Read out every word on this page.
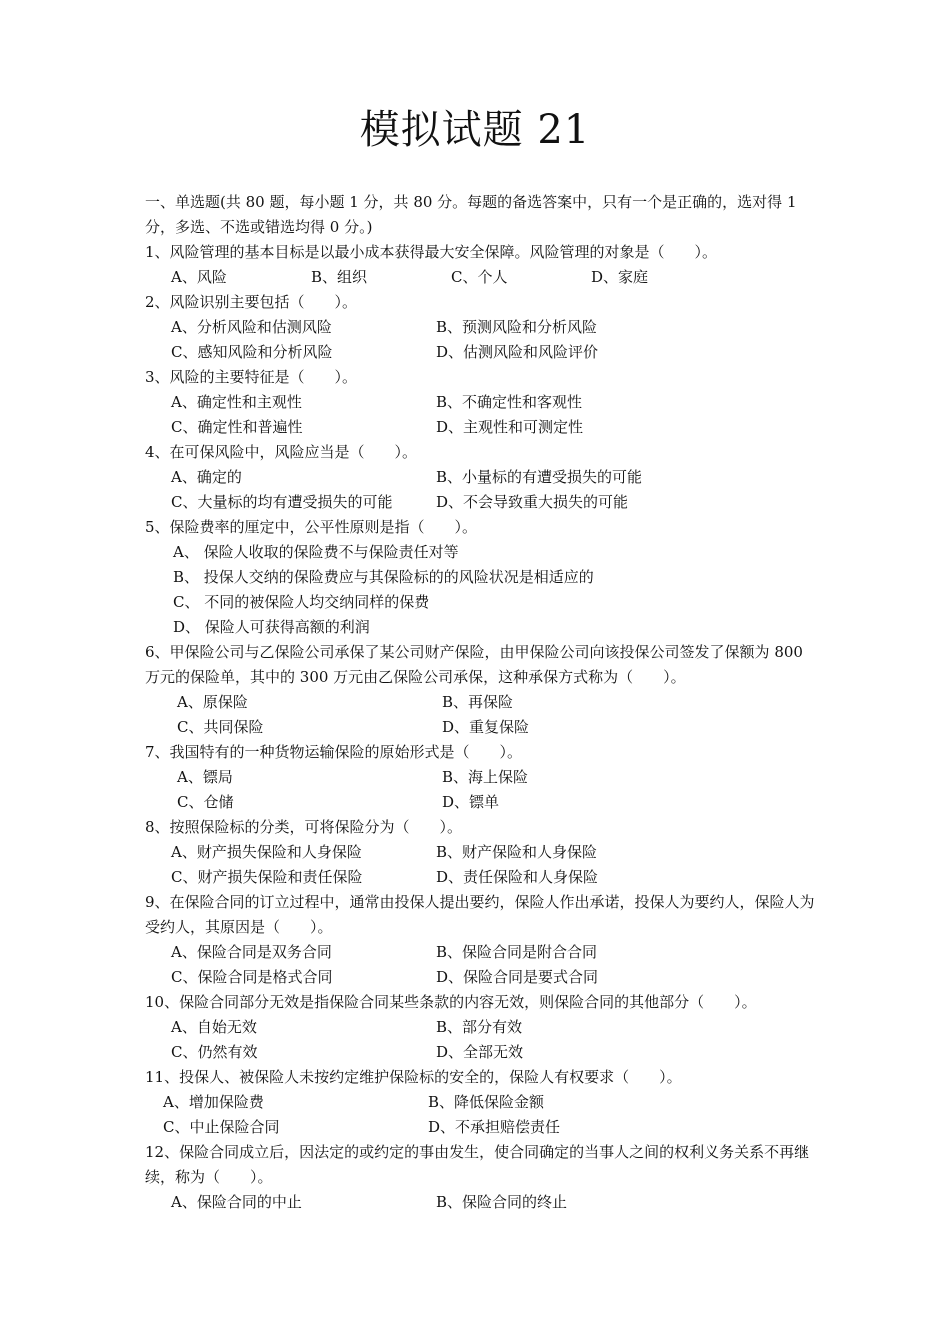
模拟试题 21

一、单选题(共 80 题，每小题 1 分，共 80 分。每题的备选答案中，只有一个是正确的，选对得 1 分，多选、不选或错选均得 0 分。)

1、风险管理的基本目标是以最小成本获得最大安全保障。风险管理的对象是（　　）。

A、风险	B、组织	C、个人	D、家庭

2、风险识别主要包括（　　）。

A、分析风险和估测风险	B、预测风险和分析风险
C、感知风险和分析风险	D、估测风险和风险评价

3、风险的主要特征是（　　）。

A、确定性和主观性	B、不确定性和客观性
C、确定性和普遍性	D、主观性和可测定性

4、在可保风险中，风险应当是（　　）。

A、确定的	B、小量标的有遭受损失的可能
C、大量标的均有遭受损失的可能	D、不会导致重大损失的可能

5、保险费率的厘定中，公平性原则是指（　　）。

A、 保险人收取的保险费不与保险责任对等
B、 投保人交纳的保险费应与其保险标的的风险状况是相适应的
C、 不同的被保险人均交纳同样的保费
D、 保险人可获得高额的利润

6、甲保险公司与乙保险公司承保了某公司财产保险，由甲保险公司向该投保公司签发了保额为 800 万元的保险单，其中的 300 万元由乙保险公司承保，这种承保方式称为（　　）。

A、原保险	B、再保险
C、共同保险	D、重复保险

7、我国特有的一种货物运输保险的原始形式是（　　）。

A、镖局	B、海上保险
C、仓储	D、镖单

8、按照保险标的分类，可将保险分为（　　）。

A、财产损失保险和人身保险	B、财产保险和人身保险
C、财产损失保险和责任保险	D、责任保险和人身保险

9、在保险合同的订立过程中，通常由投保人提出要约，保险人作出承诺，投保人为要约人，保险人为受约人，其原因是（　　）。

A、保险合同是双务合同	B、保险合同是附合合同
C、保险合同是格式合同	D、保险合同是要式合同

10、保险合同部分无效是指保险合同某些条款的内容无效，则保险合同的其他部分（　　）。

A、自始无效	B、部分有效
C、仍然有效	D、全部无效

11、投保人、被保险人未按约定维护保险标的安全的，保险人有权要求（　　）。

A、增加保险费	B、降低保险金额
C、中止保险合同	D、不承担赔偿责任

12、保险合同成立后，因法定的或约定的事由发生，使合同确定的当事人之间的权利义务关系不再继续，称为（　　）。

A、保险合同的中止	B、保险合同的终止
